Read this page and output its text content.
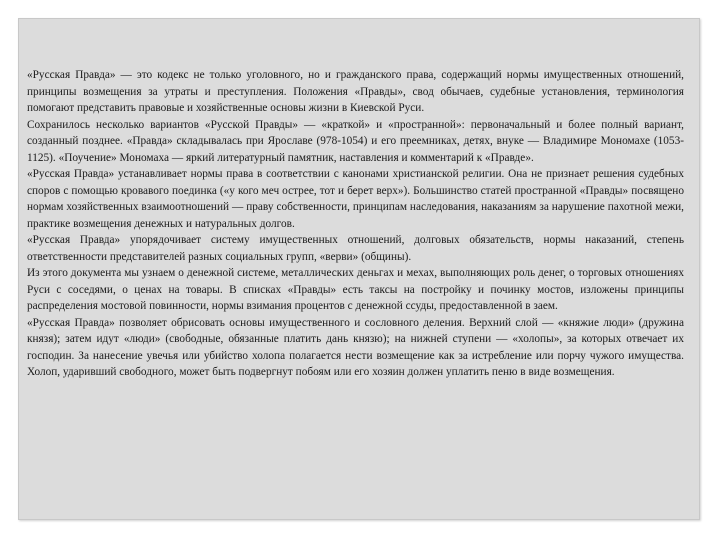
«Русская Правда» — это кодекс не только уголовного, но и гражданского права, содержащий нормы имущественных отношений, принципы возмещения за утраты и преступления. Положения «Правды», свод обычаев, судебные установления, терминология помогают представить правовые и хозяйственные основы жизни в Киевской Руси.

Сохранилось несколько вариантов «Русской Правды» — «краткой» и «пространной»: первоначальный и более полный вариант, созданный позднее. «Правда» складывалась при Ярославе (978-1054) и его преемниках, детях, внуке — Владимире Мономахе (1053-1125). «Поучение» Мономаха — яркий литературный памятник, наставления и комментарий к «Правде».

«Русская Правда» устанавливает нормы права в соответствии с канонами христианской религии. Она не признает решения судебных споров с помощью кровавого поединка («у кого меч острее, тот и берет верх»). Большинство статей пространной «Правды» посвящено нормам хозяйственных взаимоотношений — праву собственности, принципам наследования, наказаниям за нарушение пахотной межи, практике возмещения денежных и натуральных долгов.

«Русская Правда» упорядочивает систему имущественных отношений, долговых обязательств, нормы наказаний, степень ответственности представителей разных социальных групп, «верви» (общины).

Из этого документа мы узнаем о денежной системе, металлических деньгах и мехах, выполняющих роль денег, о торговых отношениях Руси с соседями, о ценах на товары. В списках «Правды» есть таксы на постройку и починку мостов, изложены принципы распределения мостовой повинности, нормы взимания процентов с денежной ссуды, предоставленной в заем.

«Русская Правда» позволяет обрисовать основы имущественного и сословного деления. Верхний слой — «княжие люди» (дружина князя); затем идут «люди» (свободные, обязанные платить дань князю); на нижней ступени — «холопы», за которых отвечает их господин. За нанесение увечья или убийство холопа полагается нести возмещение как за истребление или порчу чужого имущества. Холоп, ударивший свободного, может быть подвергнут побоям или его хозяин должен уплатить пеню в виде возмещения.
